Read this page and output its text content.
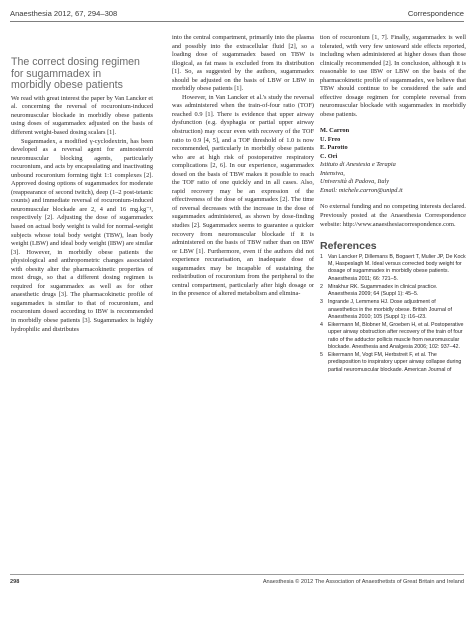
Anaesthesia 2012, 67, 294–308	Correspondence
The correct dosing regimen
for sugammadex in
morbidly obese patients

We read with great interest the paper by Van Lancker et al. concerning the reversal of rocuronium-induced neuromuscular blockade in morbidly obese patients using doses of sugammadex adjusted on the basis of different weight-based dosing scalars [1].

Sugammadex, a modified γ-cyclodextrin, has been developed as a reversal agent for aminosteroid neuromuscular blocking agents, particularly rocuronium, and acts by encapsulating and inactivating unbound rocuronium forming tight 1:1 complexes [2]. Approved dosing options of sugammadex for moderate (reappearance of second twitch), deep (1–2 post-tetanic counts) and immediate reversal of rocuronium-induced neuromuscular blockade are 2, 4 and 16 mg.kg⁻¹, respectively [2]. Adjusting the dose of sugammadex based on actual body weight is valid for normal-weight subjects whose total body weight (TBW), lean body weight (LBW) and ideal body weight (IBW) are similar [3]. However, in morbidly obese patients the physiological and anthropometric changes associated with obesity alter the pharmacokinetic properties of most drugs, so that a different dosing regimen is required for sugammadex as well as for other anaesthetic drugs [3]. The pharmacokinetic profile of sugammadex is similar to that of rocuronium, and rocuronium dosed according to IBW is recommended in morbidly obese patients [3]. Sugammadex is highly hydrophilic and distributes

into the central compartment, primarily into the plasma and possibly into the extracellular fluid [2], so a loading dose of sugammadex based on TBW is illogical, as fat mass is excluded from its distribution [1]. So, as suggested by the authors, sugammadex should be adjusted on the basis of LBW or LBW in morbidly obese patients [1].

However, in Van Lancker et al.'s study the reversal was administered when the train-of-four ratio (TOF) reached 0.9 [1]. There is evidence that upper airway dysfunction (e.g. dysphagia or partial upper airway obstruction) may occur even with recovery of the TOF ratio to 0.9 [4, 5], and a TOF threshold of 1.0 is now recommended, particularly in morbidly obese patients who are at high risk of postoperative respiratory complications [2, 6]. In our experience, sugammadex dosed on the basis of TBW makes it possible to reach the TOF ratio of one quickly and in all cases. Also, rapid recovery may be an expression of the effectiveness of the dose of sugammadex [2]. The time of reversal decreases with the increase in the dose of sugammadex administered, as shown by dose-finding studies [2]. Sugammadex seems to guarantee a quicker recovery from neuromuscular blockade if it is administered on the basis of TBW rather than on IBW or LBW [1]. Furthermore, even if the authors did not experience recurarisation, an inadequate dose of sugammadex may be incapable of sustaining the redistribution of rocuronium from the peripheral to the central compartment, particularly after high dosage or in the presence of altered metabolism and elimina-

tion of rocuronium [1, 7]. Finally, sugammadex is well tolerated, with very few untoward side effects reported, including when administered at higher doses than those clinically recommended [2]. In conclusion, although it is reasonable to use IBW or LBW on the basis of the pharmacokinetic profile of sugammadex, we believe that TBW should continue to be considered the safe and effective dosage regimen for complete reversal from neuromuscular blockade with sugammadex in morbidly obese patients.

M. Carron
U. Freo
E. Parotto
C. Ori
Istituto di Anestesia e Terapia
Intensiva,
Università di Padova, Italy
Email: michele.carron@unipd.it

No external funding and no competing interests declared. Previously posted at the Anaesthesia Correspondence website: http://www.anaesthesiacorrespondence.com.

References
1 Van Lancker P, Dillemans B, Bogaert T, Mulier JP, De Kock M, Haspeslagh M. Ideal versus corrected body weight for dosage of sugammadex in morbidly obese patients. Anaesthesia 2011; 66: 721–5.
2 Mirakhur RK. Sugammadex in clinical practice. Anaesthesia 2009; 64 (Suppl 1): 45–5.
3 Ingrande J, Lemmens HJ. Dose adjustment of anaesthetics in the morbidly obese. British Journal of Anaesthesia 2010; 105 (Suppl 1): i16–i23.
4 Eikermann M, Blobner M, Groeben H, et al. Postoperative upper airway obstruction after recovery of the train of four ratio of the adductor pollicis muscle from neuromuscular blockade. Anesthesia and Analgesia 2006; 102: 937–42.
5 Eikermann M, Vogt FM, Herbstreit F, et al. The predisposition to inspiratory upper airway collapse during partial neuromuscular blockade. American Journal of
298	Anaesthesia © 2012 The Association of Anaesthetists of Great Britain and Ireland
